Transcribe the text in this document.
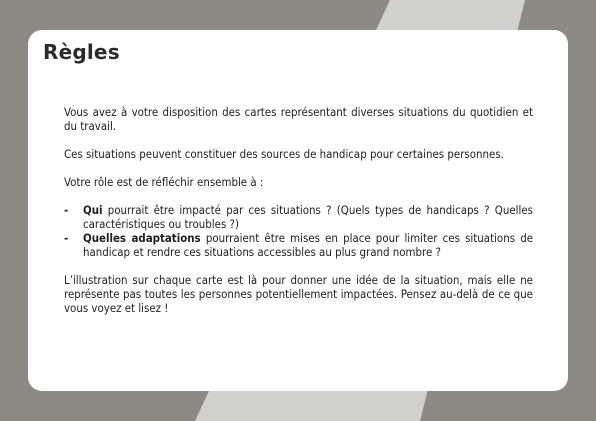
Règles

Vous avez à votre disposition des cartes représentant diverses situations du quotidien et du travail.

Ces situations peuvent constituer des sources de handicap pour certaines personnes.

Votre rôle est de réfléchir ensemble à :

- Qui pourrait être impacté par ces situations ? (Quels types de handicaps ? Quelles caractéristiques ou troubles ?)
- Quelles adaptations pourraient être mises en place pour limiter ces situations de handicap et rendre ces situations accessibles au plus grand nombre ?

L’illustration sur chaque carte est là pour donner une idée de la situation, mais elle ne représente pas toutes les personnes potentiellement impactées. Pensez au-delà de ce que vous voyez et lisez !
